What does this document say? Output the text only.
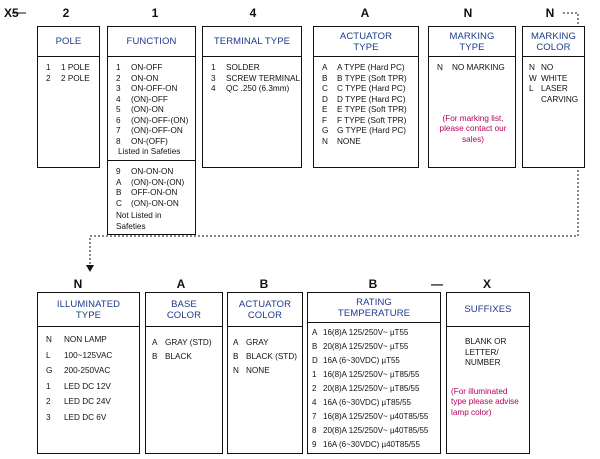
X5	2	1	4	A	N	N
POLE
1	1 POLE
2	2 POLE
FUNCTION
1	ON-OFF
2	ON-ON
3	ON-OFF-ON
4	(ON)-OFF
5	(ON)-ON
6	(ON)-OFF-(ON)
7	(ON)-OFF-ON
8	ON-(OFF)
Listed in Safeties
9	ON-ON-ON
A	(ON)-ON-(ON)
B	OFF-ON-ON
C	(ON)-ON-ON
Not Listed in Safeties
TERMINAL TYPE
1	SOLDER
3	SCREW TERMINAL
4	QC .250 (6.3mm)
ACTUATOR TYPE
A	A TYPE (Hard PC)
B	B TYPE (Soft TPR)
C	C TYPE (Hard PC)
D	D TYPE (Hard PC)
E	E TYPE (Soft TPR)
F	F TYPE (Soft TPR)
G	G TYPE (Hard PC)
N	NONE
MARKING TYPE
N	NO MARKING
(For marking list, please contact our sales)
MARKING COLOR
N NO
W WHITE
L LASER CARVING
N	A	B	B	—	X
ILLUMINATED TYPE
N	NON LAMP
L	100~125VAC
G	200-250VAC
1	LED DC 12V
2	LED DC 24V
3	LED DC 6V
BASE COLOR
A GRAY (STD)
B BLACK
ACTUATOR COLOR
A GRAY
B BLACK (STD)
N NONE
RATING TEMPERATURE
A 16(8)A 125/250V~ µT55
B 20(8)A 125/250V~ µT55
D 16A (6~30VDC) µT55
1 16(8)A 125/250V~ µT85/55
2 20(8)A 125/250V~ µT85/55
4 16A (6~30VDC) µT85/55
7 16(8)A 125/250V~ µ40T85/55
8 20(8)A 125/250V~ µ40T85/55
9 16A (6~30VDC) µ40T85/55
SUFFIXES
BLANK OR LETTER/ NUMBER
(For illuminated type please advise lamp color)
